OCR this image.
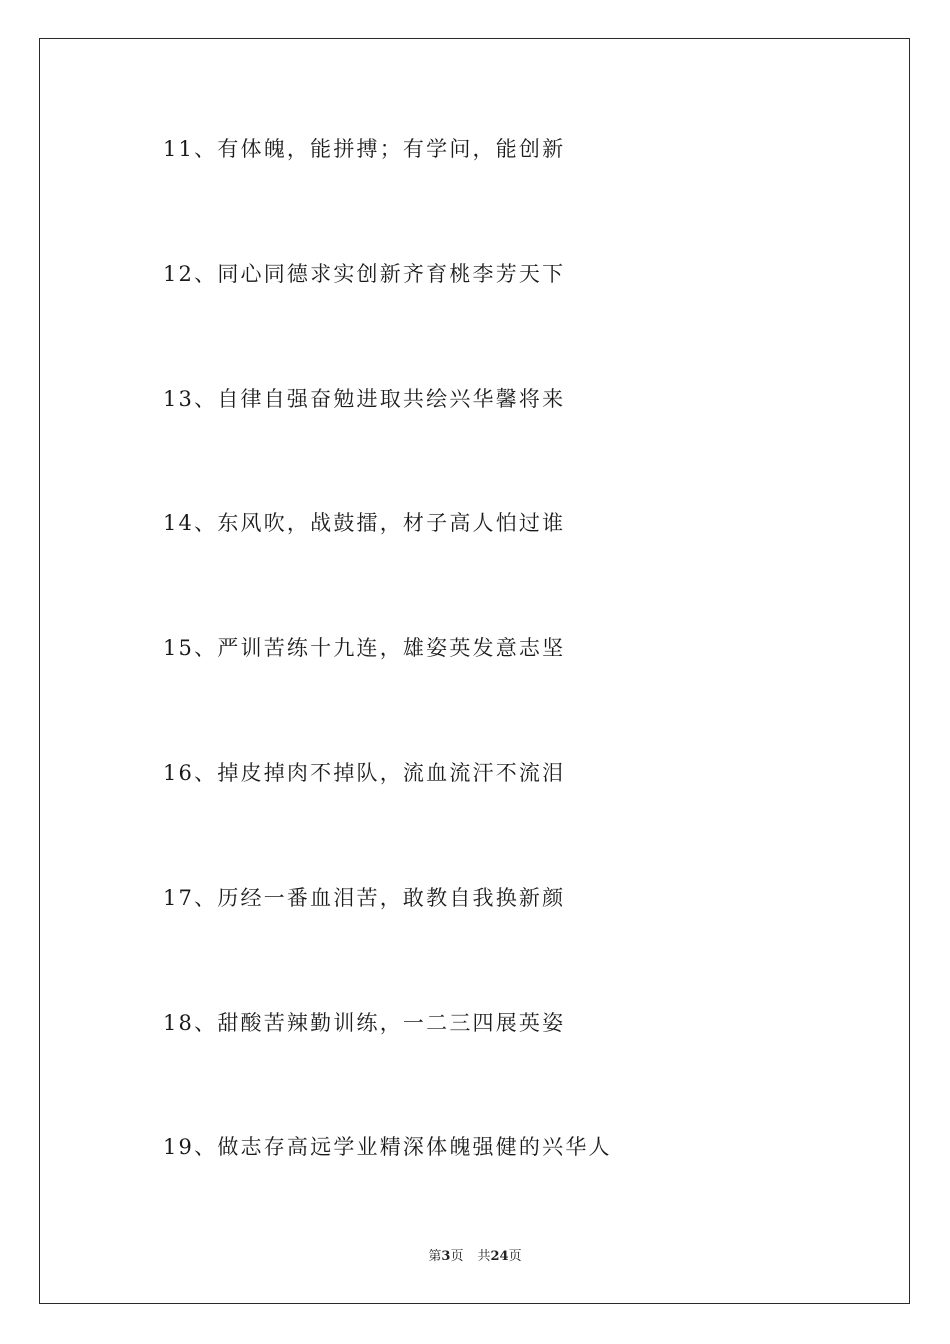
11、有体魄，能拼搏；有学问，能创新
12、同心同德求实创新齐育桃李芳天下
13、自律自强奋勉进取共绘兴华馨将来
14、东风吹，战鼓擂，材子高人怕过谁
15、严训苦练十九连，雄姿英发意志坚
16、掉皮掉肉不掉队，流血流汗不流泪
17、历经一番血泪苦，敢教自我换新颜
18、甜酸苦辣勤训练，一二三四展英姿
19、做志存高远学业精深体魄强健的兴华人
第3页 共24页
